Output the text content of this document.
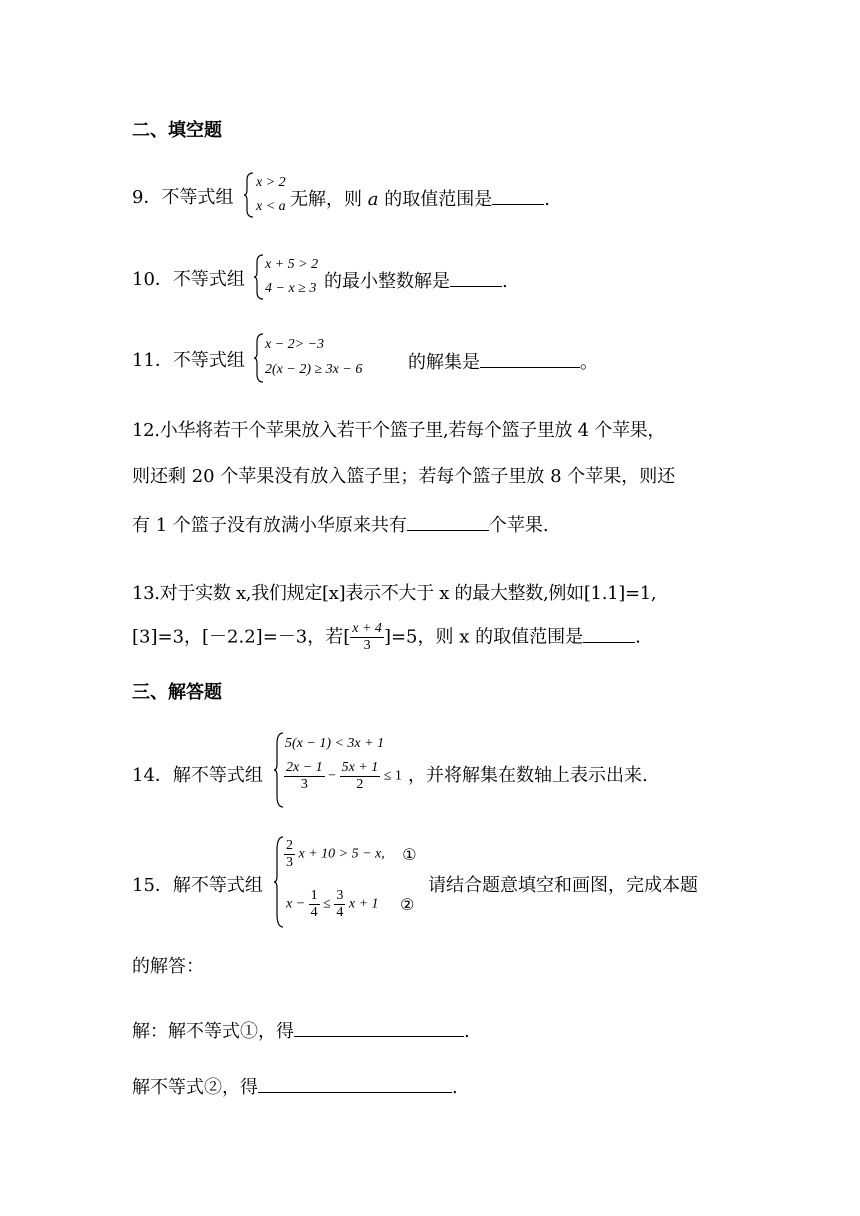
二、填空题
9．不等式组
x > 2
x < a 无解，则 a 的取值范围是	.
10．不等式组
x + 5 > 2
4 − x ≥ 3 的最小整数解是	.
11．不等式组
x − 2> −3
2(x − 2) ≥ 3x − 6	的解集是	。
12.小华将若干个苹果放入若干个篮子里,若每个篮子里放 4 个苹果，
则还剩 20 个苹果没有放入篮子里；若每个篮子里放 8 个苹果，则还
有 1 个篮子没有放满小华原来共有	个苹果.
13.对于实数 x,我们规定[x]表示不大于 x 的最大整数,例如[1.1]=1,
[3]=3，[－2.2]=－3，若[ $\frac{x + 4}{3} ]=5$，则 x 的取值范围是	.
三、解答题
14．解不等式组
5(x − 1) < 3x + 1
$\frac{2x - 1}{3} - \frac{5x + 1}{2} \le 1$ ，并将解集在数轴上表示出来.
15．解不等式组
$\frac{2}{3}$ x + 10 > 5 − x, ①
$x - \frac{1}{4} \le \frac{3}{4}$ x + 1 ②
请结合题意填空和画图，完成本题
的解答：
解：解不等式①，得	.
解不等式②，得	.
